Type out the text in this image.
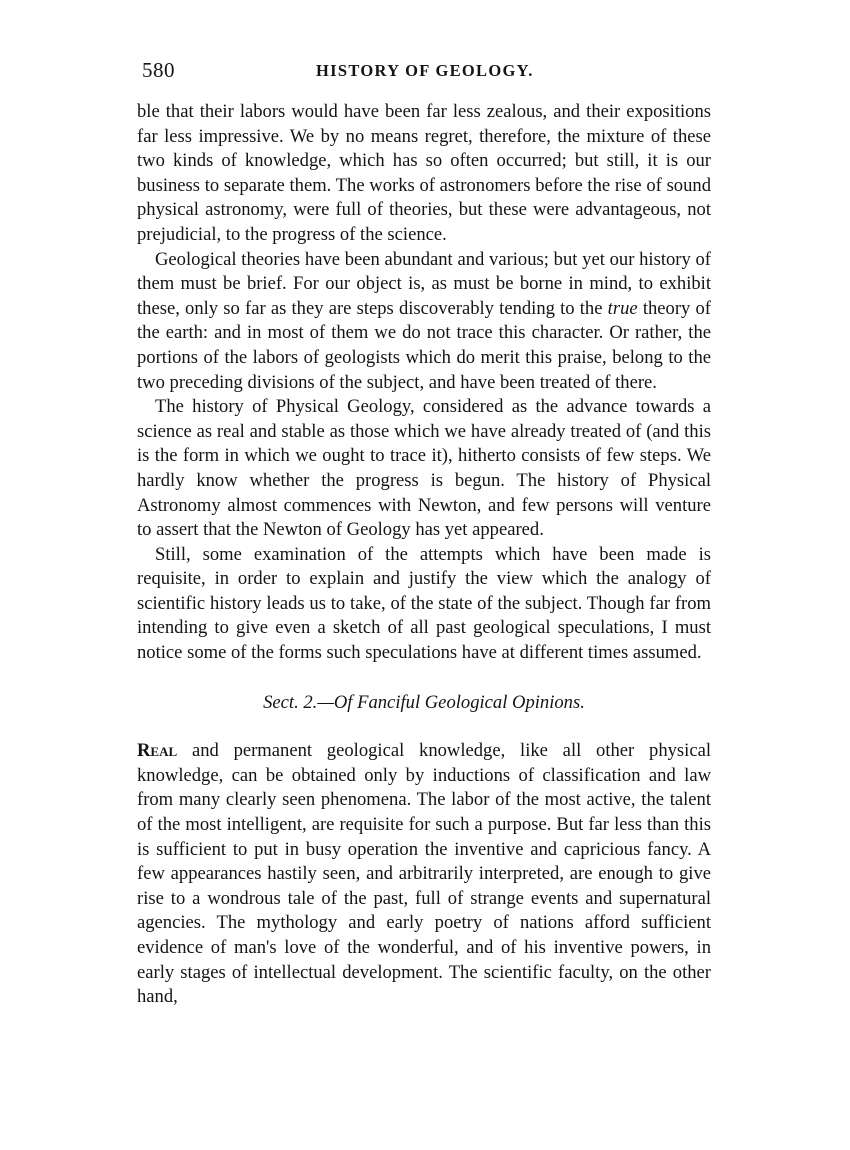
580	HISTORY OF GEOLOGY.

ble that their labors would have been far less zealous, and their expositions far less impressive. We by no means regret, therefore, the mixture of these two kinds of knowledge, which has so often occurred; but still, it is our business to separate them. The works of astronomers before the rise of sound physical astronomy, were full of theories, but these were advantageous, not prejudicial, to the progress of the science.

Geological theories have been abundant and various; but yet our history of them must be brief. For our object is, as must be borne in mind, to exhibit these, only so far as they are steps discoverably tending to the true theory of the earth: and in most of them we do not trace this character. Or rather, the portions of the labors of geologists which do merit this praise, belong to the two preceding divisions of the subject, and have been treated of there.

The history of Physical Geology, considered as the advance towards a science as real and stable as those which we have already treated of (and this is the form in which we ought to trace it), hitherto consists of few steps. We hardly know whether the progress is begun. The history of Physical Astronomy almost commences with Newton, and few persons will venture to assert that the Newton of Geology has yet appeared.

Still, some examination of the attempts which have been made is requisite, in order to explain and justify the view which the analogy of scientific history leads us to take, of the state of the subject. Though far from intending to give even a sketch of all past geological speculations, I must notice some of the forms such speculations have at different times assumed.

Sect. 2.—Of Fanciful Geological Opinions.

Real and permanent geological knowledge, like all other physical knowledge, can be obtained only by inductions of classification and law from many clearly seen phenomena. The labor of the most active, the talent of the most intelligent, are requisite for such a purpose. But far less than this is sufficient to put in busy operation the inventive and capricious fancy. A few appearances hastily seen, and arbitrarily interpreted, are enough to give rise to a wondrous tale of the past, full of strange events and supernatural agencies. The mythology and early poetry of nations afford sufficient evidence of man's love of the wonderful, and of his inventive powers, in early stages of intellectual development. The scientific faculty, on the other hand,
